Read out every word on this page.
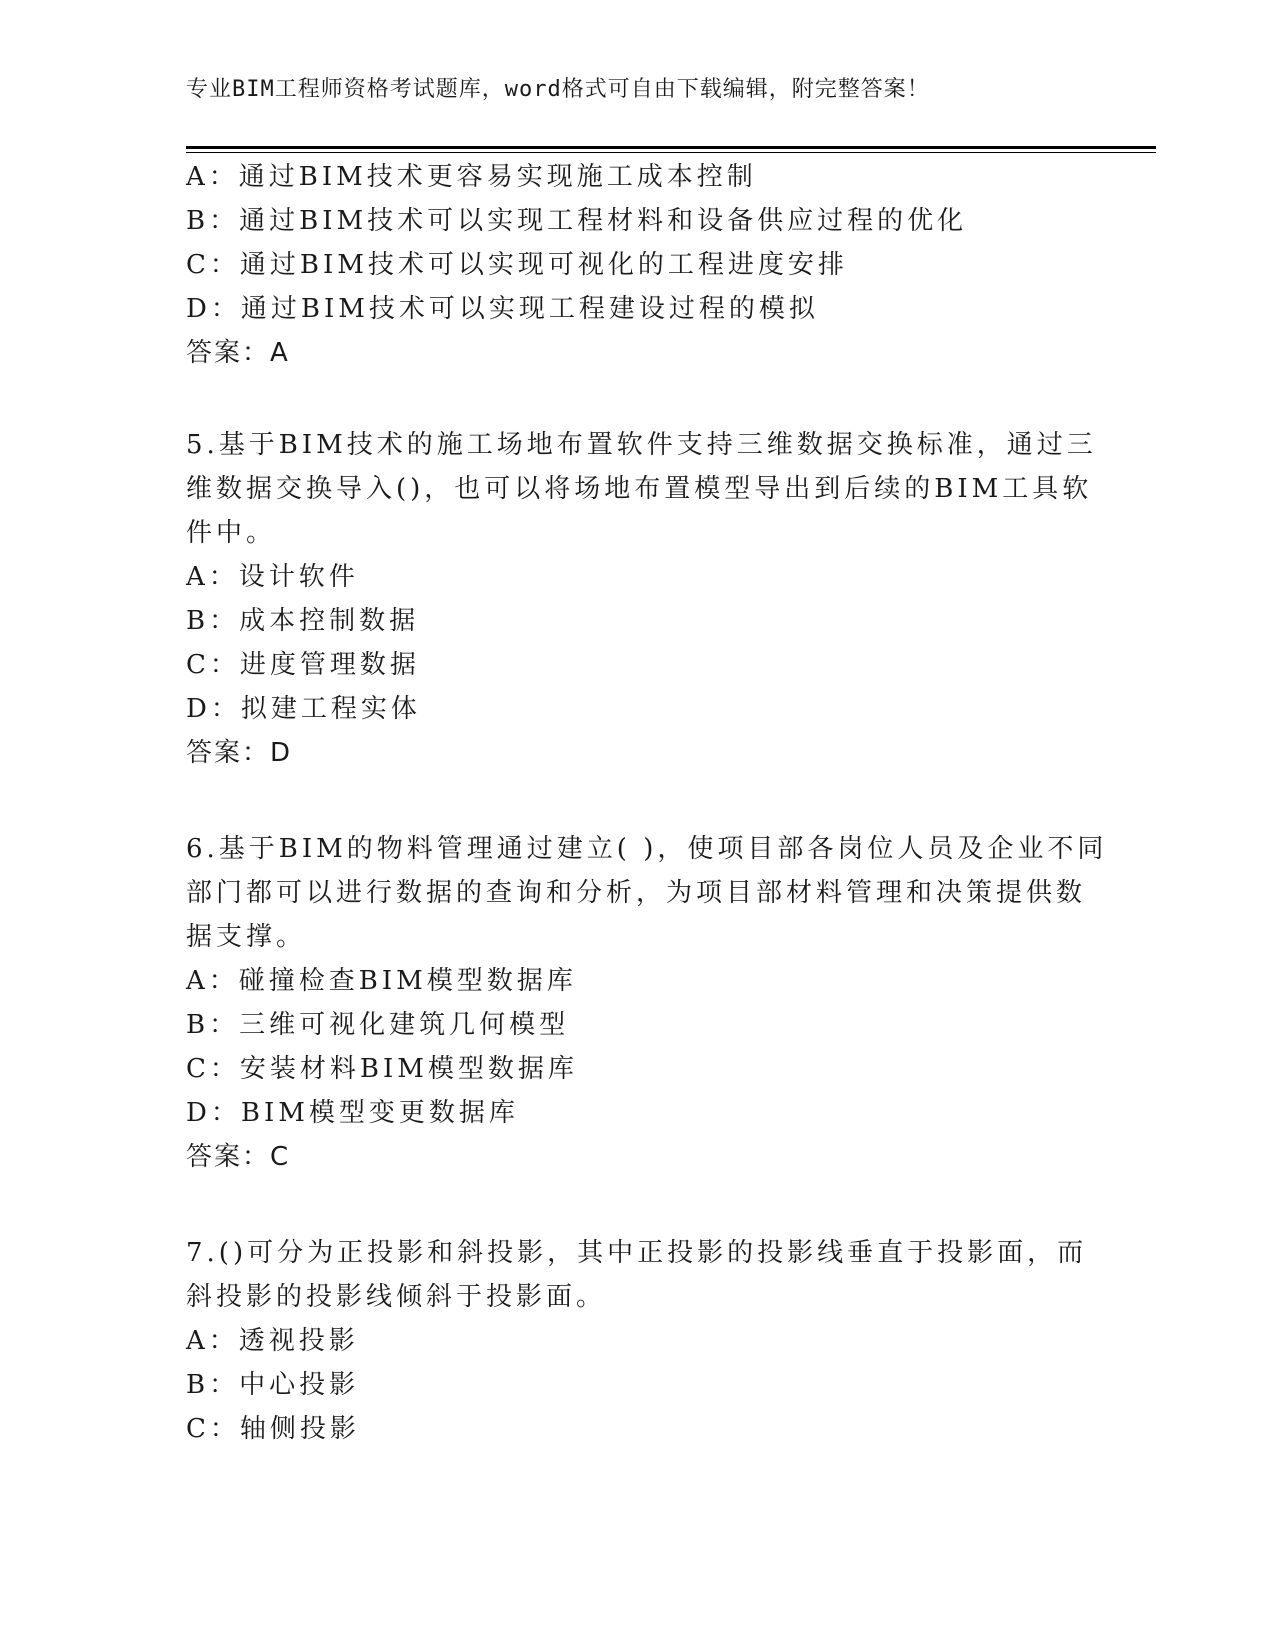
专业BIM工程师资格考试题库，word格式可自由下载编辑，附完整答案！
A：通过BIM技术更容易实现施工成本控制
B：通过BIM技术可以实现工程材料和设备供应过程的优化
C：通过BIM技术可以实现可视化的工程进度安排
D：通过BIM技术可以实现工程建设过程的模拟
答案：A
5.基于BIM技术的施工场地布置软件支持三维数据交换标准，通过三
维数据交换导入()，也可以将场地布置模型导出到后续的BIM工具软
件中。
A：设计软件
B：成本控制数据
C：进度管理数据
D：拟建工程实体
答案：D
6.基于BIM的物料管理通过建立( )，使项目部各岗位人员及企业不同
部门都可以进行数据的查询和分析，为项目部材料管理和决策提供数
据支撑。
A：碰撞检查BIM模型数据库
B：三维可视化建筑几何模型
C：安装材料BIM模型数据库
D：BIM模型变更数据库
答案：C
7.()可分为正投影和斜投影，其中正投影的投影线垂直于投影面，而
斜投影的投影线倾斜于投影面。
A：透视投影
B：中心投影
C：轴侧投影
